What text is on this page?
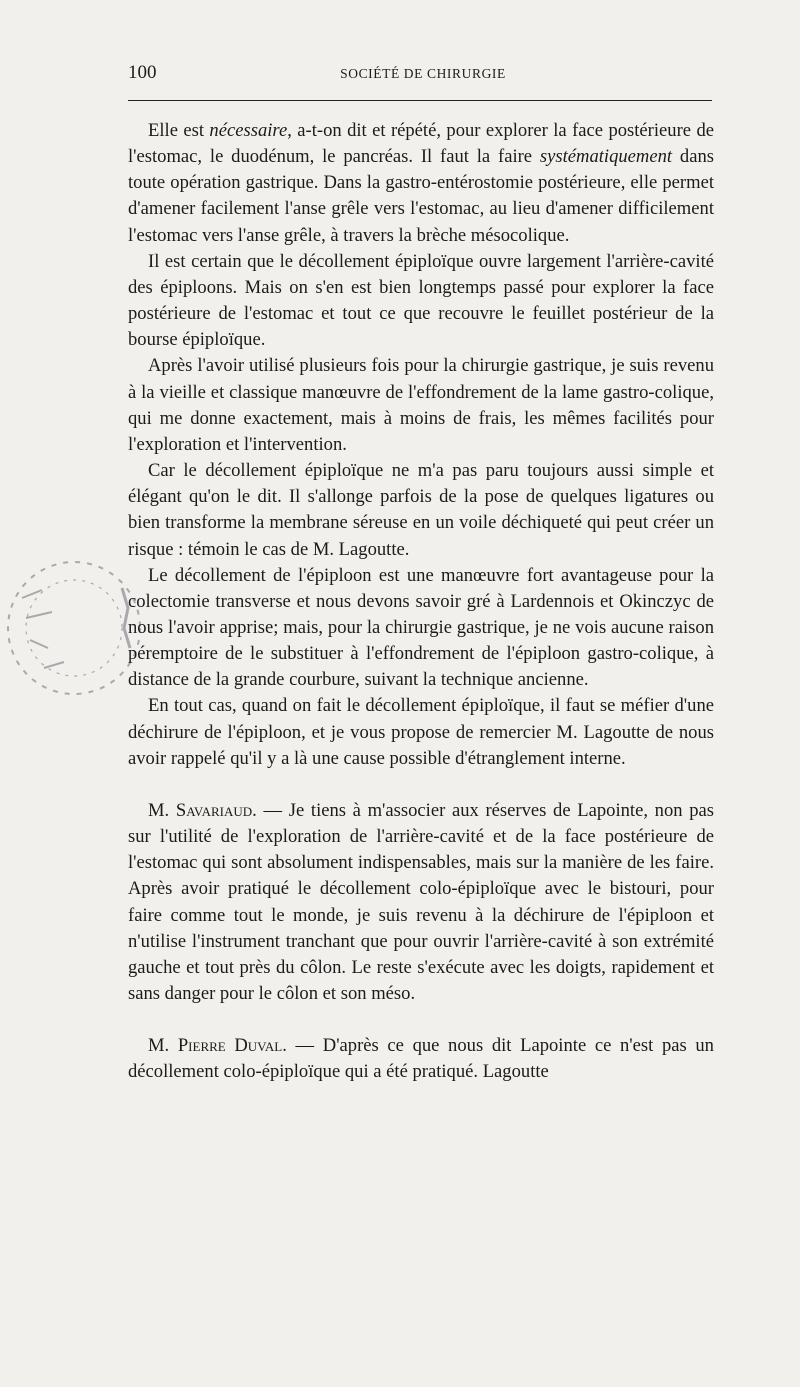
100	SOCIÉTÉ DE CHIRURGIE

Elle est nécessaire, a-t-on dit et répété, pour explorer la face postérieure de l'estomac, le duodénum, le pancréas. Il faut la faire systématiquement dans toute opération gastrique. Dans la gastro-entérostomie postérieure, elle permet d'amener facilement l'anse grêle vers l'estomac, au lieu d'amener difficilement l'estomac vers l'anse grêle, à travers la brèche mésocolique.

Il est certain que le décollement épiploïque ouvre largement l'arrière-cavité des épiploons. Mais on s'en est bien longtemps passé pour explorer la face postérieure de l'estomac et tout ce que recouvre le feuillet postérieur de la bourse épiploïque.

Après l'avoir utilisé plusieurs fois pour la chirurgie gastrique, je suis revenu à la vieille et classique manœuvre de l'effondrement de la lame gastro-colique, qui me donne exactement, mais à moins de frais, les mêmes facilités pour l'exploration et l'intervention.

Car le décollement épiploïque ne m'a pas paru toujours aussi simple et élégant qu'on le dit. Il s'allonge parfois de la pose de quelques ligatures ou bien transforme la membrane séreuse en un voile déchiqueté qui peut créer un risque : témoin le cas de M. Lagoutte.

Le décollement de l'épiploon est une manœuvre fort avantageuse pour la colectomie transverse et nous devons savoir gré à Lardennois et Okinczyc de nous l'avoir apprise; mais, pour la chirurgie gastrique, je ne vois aucune raison péremptoire de le substituer à l'effondrement de l'épiploon gastro-colique, à distance de la grande courbure, suivant la technique ancienne.

En tout cas, quand on fait le décollement épiploïque, il faut se méfier d'une déchirure de l'épiploon, et je vous propose de remercier M. Lagoutte de nous avoir rappelé qu'il y a là une cause possible d'étranglement interne.

M. Savariaud. — Je tiens à m'associer aux réserves de Lapointe, non pas sur l'utilité de l'exploration de l'arrière-cavité et de la face postérieure de l'estomac qui sont absolument indispensables, mais sur la manière de les faire. Après avoir pratiqué le décollement colo-épiploïque avec le bistouri, pour faire comme tout le monde, je suis revenu à la déchirure de l'épiploon et n'utilise l'instrument tranchant que pour ouvrir l'arrière-cavité à son extrémité gauche et tout près du côlon. Le reste s'exécute avec les doigts, rapidement et sans danger pour le côlon et son méso.

M. Pierre Duval. — D'après ce que nous dit Lapointe ce n'est pas un décollement colo-épiploïque qui a été pratiqué. Lagoutte
